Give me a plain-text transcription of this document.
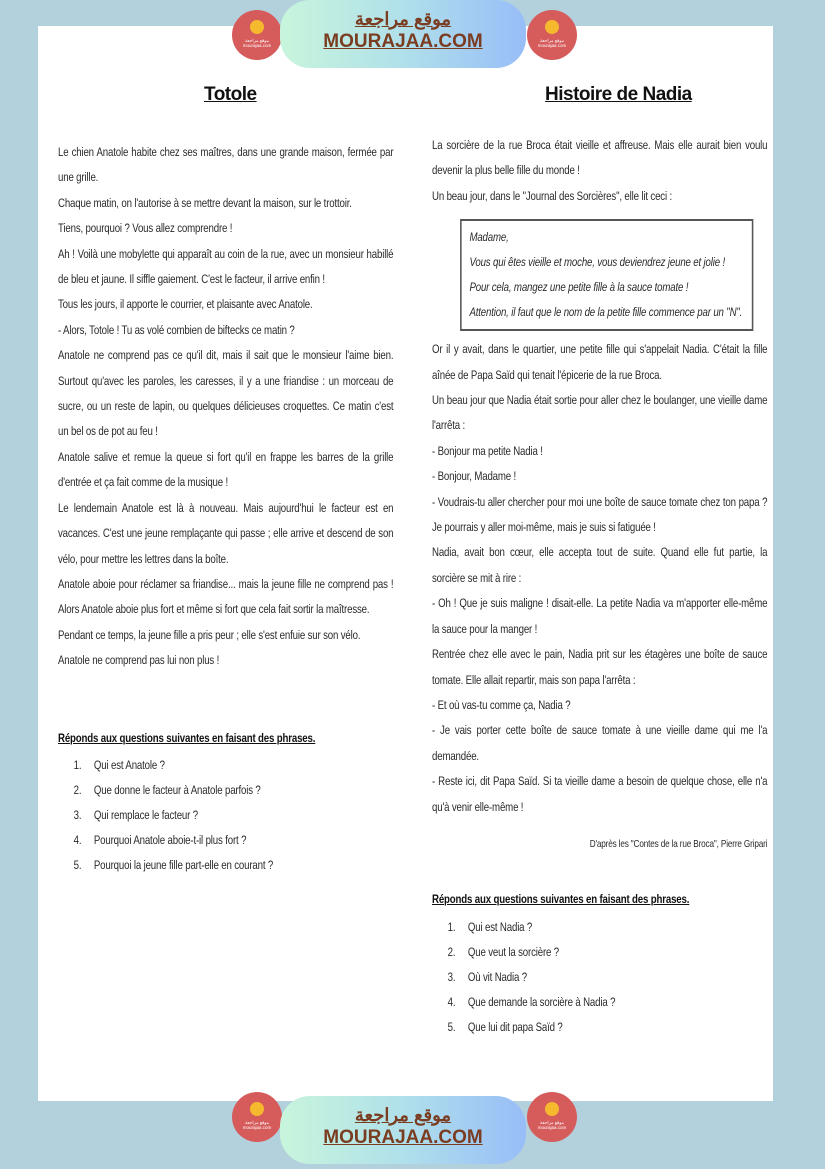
Totole	Histoire de Nadia

Le chien Anatole habite chez ses maîtres, dans une grande maison, fermée par une grille.

Chaque matin, on l'autorise à se mettre devant la maison, sur le trottoir.

Tiens, pourquoi ? Vous allez comprendre !

Ah ! Voilà une mobylette qui apparaît au coin de la rue, avec un monsieur habillé de bleu et jaune. Il siffle gaiement. C'est le facteur, il arrive enfin !

Tous les jours, il apporte le courrier, et plaisante avec Anatole.

- Alors, Totole ! Tu as volé combien de biftecks ce matin ?

Anatole ne comprend pas ce qu'il dit, mais il sait que le monsieur l'aime bien. Surtout qu'avec les paroles, les caresses, il y a une friandise : un morceau de sucre, ou un reste de lapin, ou quelques délicieuses croquettes. Ce matin c'est un bel os de pot au feu !

Anatole salive et remue la queue si fort qu'il en frappe les barres de la grille d'entrée et ça fait comme de la musique !

Le lendemain Anatole est là à nouveau. Mais aujourd'hui le facteur est en vacances. C'est une jeune remplaçante qui passe ; elle arrive et descend de son vélo, pour mettre les lettres dans la boîte.

Anatole aboie pour réclamer sa friandise... mais la jeune fille ne comprend pas ! Alors Anatole aboie plus fort et même si fort que cela fait sortir la maîtresse.

Pendant ce temps, la jeune fille a pris peur ; elle s'est enfuie sur son vélo.

Anatole ne comprend pas lui non plus !

Réponds aux questions suivantes en faisant des phrases.
1. Qui est Anatole ?
2. Que donne le facteur à Anatole parfois ?
3. Qui remplace le facteur ?
4. Pourquoi Anatole aboie-t-il plus fort ?
5. Pourquoi la jeune fille part-elle en courant ?

La sorcière de la rue Broca était vieille et affreuse. Mais elle aurait bien voulu devenir la plus belle fille du monde !

Un beau jour, dans le "Journal des Sorcières", elle lit ceci :

Madame,

Vous qui êtes vieille et moche, vous deviendrez jeune et jolie !

Pour cela, mangez une petite fille à la sauce tomate !

Attention, il faut que le nom de la petite fille commence par un "N".

Or il y avait, dans le quartier, une petite fille qui s'appelait Nadia. C'était la fille aînée de Papa Saïd qui tenait l'épicerie de la rue Broca.

Un beau jour que Nadia était sortie pour aller chez le boulanger, une vieille dame l'arrêta :

- Bonjour ma petite Nadia !

- Bonjour, Madame !

- Voudrais-tu aller chercher pour moi une boîte de sauce tomate chez ton papa ? Je pourrais y aller moi-même, mais je suis si fatiguée !

Nadia, avait bon cœur, elle accepta tout de suite. Quand elle fut partie, la sorcière se mit à rire :

- Oh ! Que je suis maligne ! disait-elle. La petite Nadia va m'apporter elle-même la sauce pour la manger !

Rentrée chez elle avec le pain, Nadia prit sur les étagères une boîte de sauce tomate. Elle allait repartir, mais son papa l'arrêta :

- Et où vas-tu comme ça, Nadia ?

- Je vais porter cette boîte de sauce tomate à une vieille dame qui me l'a demandée.

- Reste ici, dit Papa Saïd. Si ta vieille dame a besoin de quelque chose, elle n'a qu'à venir elle-même !

D'après les "Contes de la rue Broca", Pierre Gripari
Réponds aux questions suivantes en faisant des phrases.
1. Qui est Nadia ?
2. Que veut la sorcière ?
3. Où vit Nadia ?
4. Que demande la sorcière à Nadia ?
5. Que lui dit papa Saïd ?
موقع مراجعة
mourajaa.com
موقع مراجعة
MOURAJAA.COM	موقع مراجعة
mourajaa.com
موقع مراجعة
mourajaa.com
موقع مراجعة
MOURAJAA.COM
موقع مراجعة
mourajaa.com
